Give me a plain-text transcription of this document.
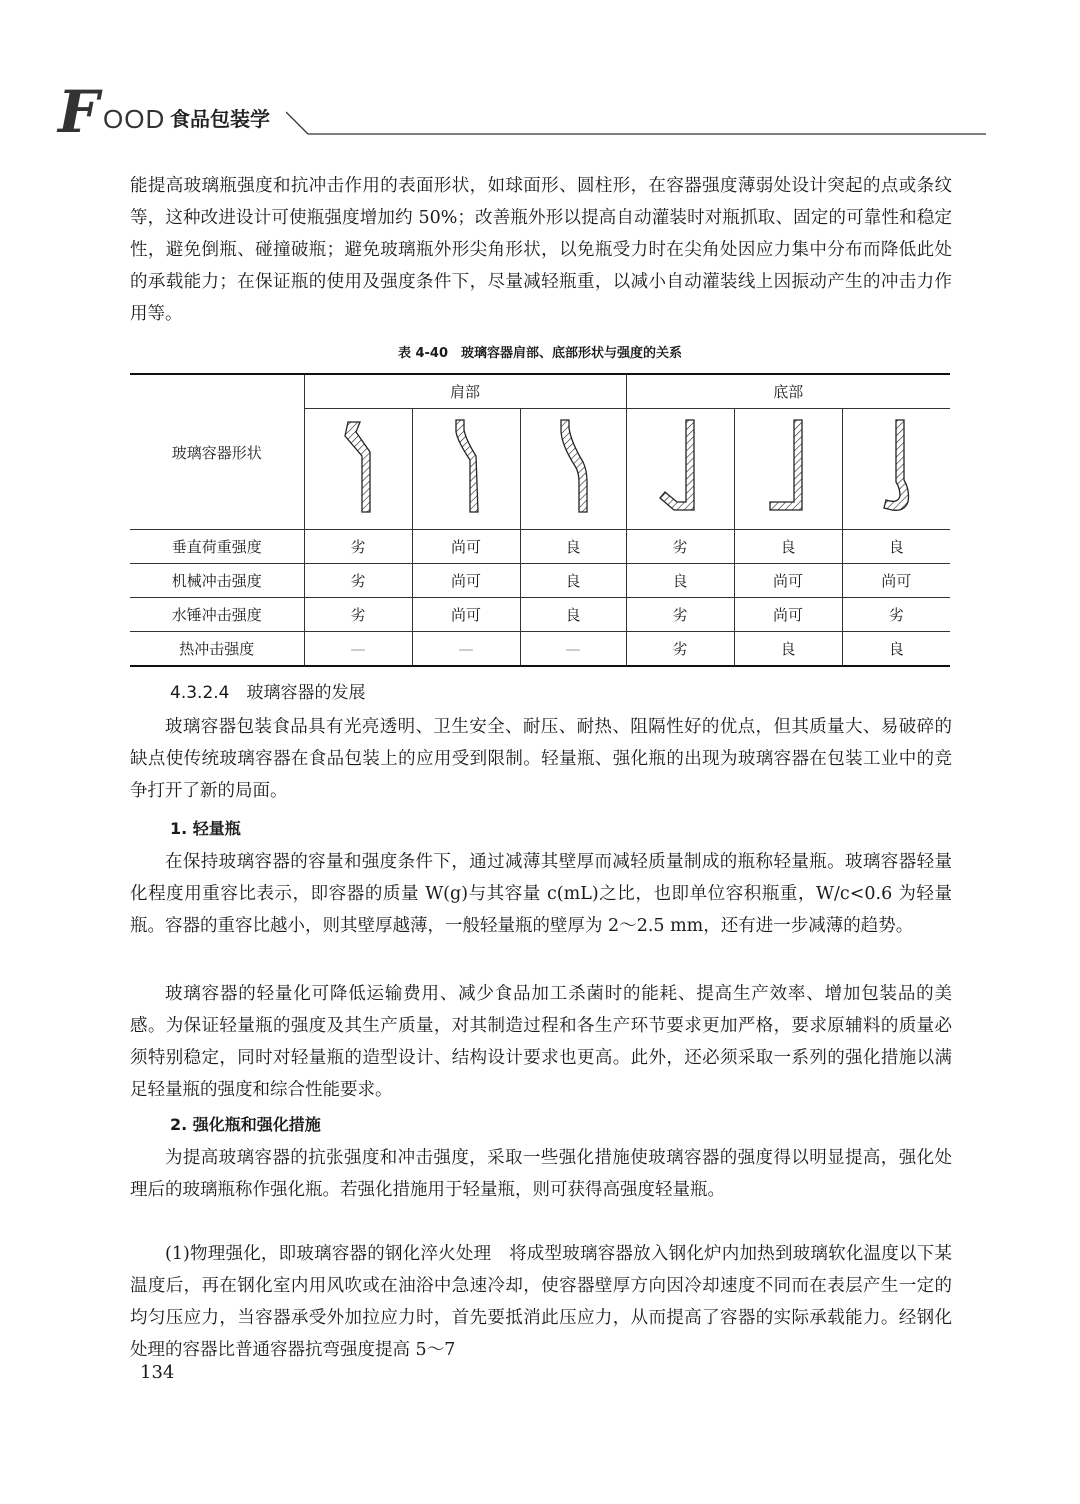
F OOD 食品包装学

能提高玻璃瓶强度和抗冲击作用的表面形状，如球面形、圆柱形，在容器强度薄弱处设计突起的点或条纹等，这种改进设计可使瓶强度增加约 50%；改善瓶外形以提高自动灌装时对瓶抓取、固定的可靠性和稳定性，避免倒瓶、碰撞破瓶；避免玻璃瓶外形尖角形状，以免瓶受力时在尖角处因应力集中分布而降低此处的承载能力；在保证瓶的使用及强度条件下，尽量减轻瓶重，以减小自动灌装线上因振动产生的冲击力作用等。

表 4-40　玻璃容器肩部、底部形状与强度的关系
玻璃容器形状	肩部			底部		

垂直荷重强度	劣	尚可	良	劣	良	良
机械冲击强度	劣	尚可	良	良	尚可	尚可
水锤冲击强度	劣	尚可	良	劣	尚可	劣
热冲击强度	—	—	—	劣	良	良
4.3.2.4　玻璃容器的发展

玻璃容器包装食品具有光亮透明、卫生安全、耐压、耐热、阻隔性好的优点，但其质量大、易破碎的缺点使传统玻璃容器在食品包装上的应用受到限制。轻量瓶、强化瓶的出现为玻璃容器在包装工业中的竞争打开了新的局面。

1. 轻量瓶

在保持玻璃容器的容量和强度条件下，通过减薄其壁厚而减轻质量制成的瓶称轻量瓶。玻璃容器轻量化程度用重容比表示，即容器的质量 W(g)与其容量 c(mL)之比，也即单位容积瓶重，W/c<0.6 为轻量瓶。容器的重容比越小，则其壁厚越薄，一般轻量瓶的壁厚为 2～2.5 mm，还有进一步减薄的趋势。

玻璃容器的轻量化可降低运输费用、减少食品加工杀菌时的能耗、提高生产效率、增加包装品的美感。为保证轻量瓶的强度及其生产质量，对其制造过程和各生产环节要求更加严格，要求原辅料的质量必须特别稳定，同时对轻量瓶的造型设计、结构设计要求也更高。此外，还必须采取一系列的强化措施以满足轻量瓶的强度和综合性能要求。

2. 强化瓶和强化措施

为提高玻璃容器的抗张强度和冲击强度，采取一些强化措施使玻璃容器的强度得以明显提高，强化处理后的玻璃瓶称作强化瓶。若强化措施用于轻量瓶，则可获得高强度轻量瓶。

(1)物理强化，即玻璃容器的钢化淬火处理　将成型玻璃容器放入钢化炉内加热到玻璃软化温度以下某温度后，再在钢化室内用风吹或在油浴中急速冷却，使容器壁厚方向因冷却速度不同而在表层产生一定的均匀压应力，当容器承受外加拉应力时，首先要抵消此压应力，从而提高了容器的实际承载能力。经钢化处理的容器比普通容器抗弯强度提高 5～7

134
